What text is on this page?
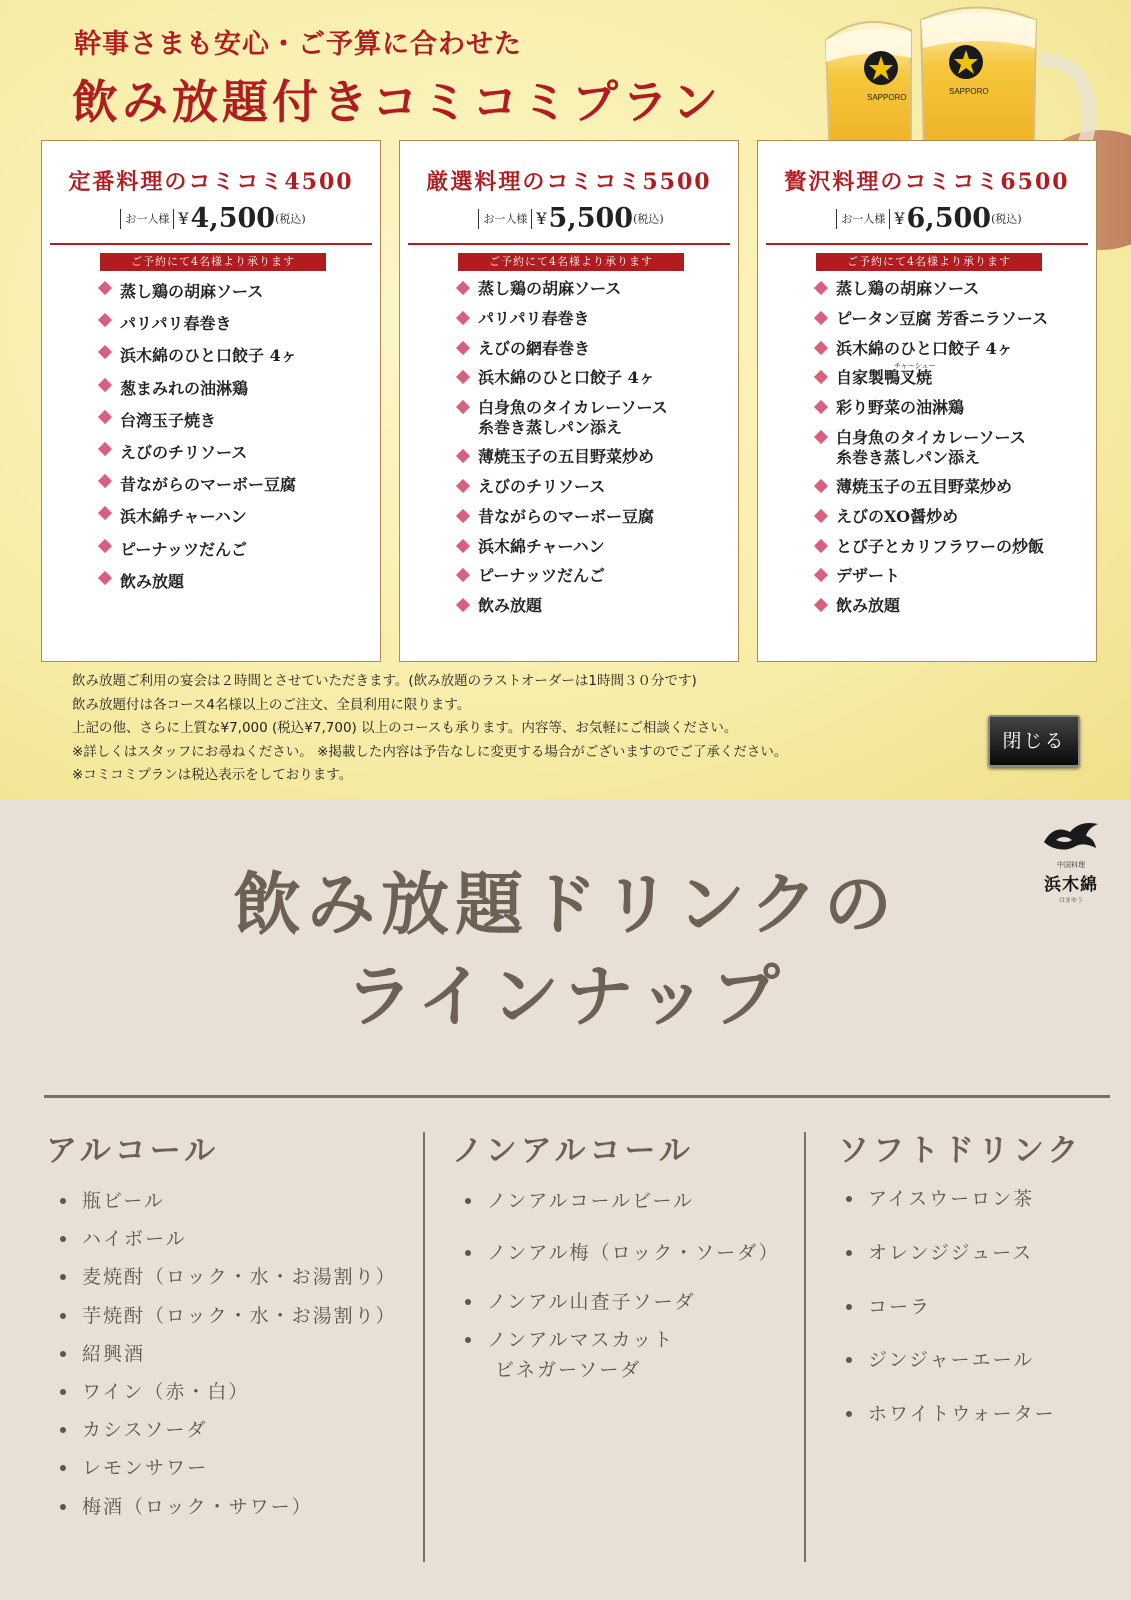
幹事さまも安心・ご予算に合わせた
飲み放題付きコミコミプラン	SAPPORO
SAPPORO
定番料理のコミコミ4500
お一人様 ¥4,500(税込)
ご予約にて4名様より承ります
蒸し鶏の胡麻ソース
パリパリ春巻き
浜木綿のひと口餃子 4ヶ
葱まみれの油淋鶏
台湾玉子焼き
えびのチリソース
昔ながらのマーボー豆腐
浜木綿チャーハン
ピーナッツだんご
飲み放題
厳選料理のコミコミ5500
お一人様 ¥5,500(税込)
ご予約にて4名様より承ります
蒸し鶏の胡麻ソース
パリパリ春巻き
えびの網春巻き
浜木綿のひと口餃子 4ヶ
白身魚のタイカレーソース
糸巻き蒸しパン添え
薄焼玉子の五目野菜炒め
えびのチリソース
昔ながらのマーボー豆腐
浜木綿チャーハン
ピーナッツだんご
飲み放題
贅沢料理のコミコミ6500
お一人様 ¥6,500(税込)
ご予約にて4名様より承ります
蒸し鶏の胡麻ソース
ピータン豆腐 芳香ニラソース
浜木綿のひと口餃子 4ヶ
チャーシュー
自家製鴨叉焼
彩り野菜の油淋鶏
白身魚のタイカレーソース
糸巻き蒸しパン添え
薄焼玉子の五目野菜炒め
えびのXO醤炒め
とび子とカリフラワーの炒飯
デザート
飲み放題
飲み放題ご利用の宴会は２時間とさせていただきます。(飲み放題のラストオーダーは1時間３０分です)
飲み放題付は各コース4名様以上のご注文、全員利用に限ります。
上記の他、さらに上質な¥7,000 (税込¥7,700) 以上のコースも承ります。内容等、お気軽にご相談ください。
※詳しくはスタッフにお尋ねください。 ※掲載した内容は予告なしに変更する場合がございますのでご了承ください。
※コミコミプランは税込表示をしております。
閉じる
中国料理
浜木綿
はまゆう
飲み放題ドリンクの
ラインナップ
アルコール
瓶ビール
ハイボール
麦焼酎（ロック・水・お湯割り）
芋焼酎（ロック・水・お湯割り）
紹興酒
ワイン（赤・白）
カシスソーダ
レモンサワー
梅酒（ロック・サワー）
ノンアルコール
ノンアルコールビール
ノンアル梅（ロック・ソーダ）
ノンアル山査子ソーダ
ノンアルマスカット
ビネガーソーダ
ソフトドリンク
アイスウーロン茶
オレンジジュース
コーラ
ジンジャーエール
ホワイトウォーター
